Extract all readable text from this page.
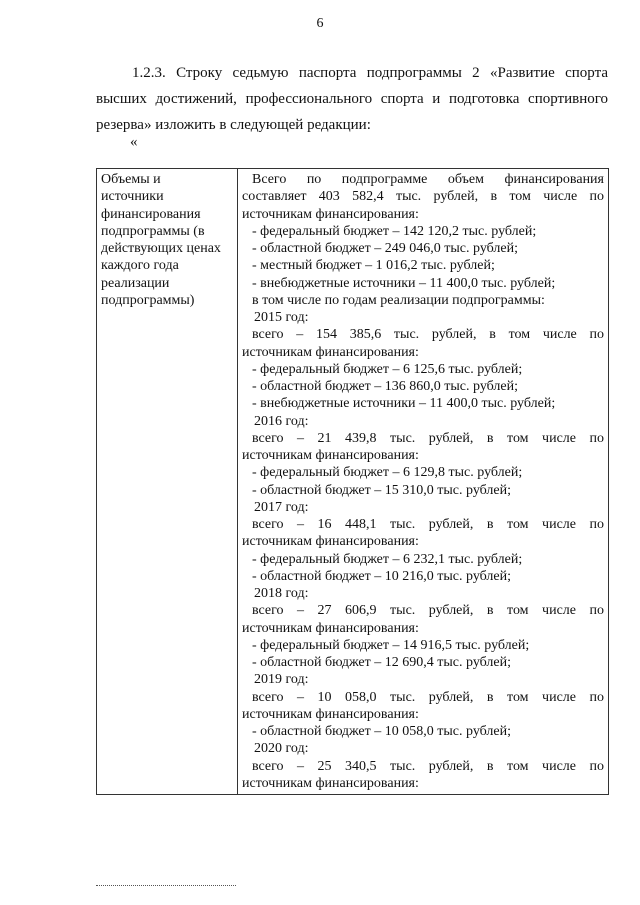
6

1.2.3. Строку седьмую паспорта подпрограммы 2 «Развитие спорта высших достижений, профессионального спорта и подготовка спортивного резерва» изложить в следующей редакции:

«
Объемы и
источники
финансирования
подпрограммы (в
действующих ценах
каждого года
реализации
подпрограммы)

Всего по подпрограмме объем финансирования
составляет 403 582,4 тыс. рублей, в том числе по
источникам финансирования:
- федеральный бюджет – 142 120,2 тыс. рублей;
- областной бюджет – 249 046,0 тыс. рублей;
- местный бюджет – 1 016,2 тыс. рублей;
- внебюджетные источники – 11 400,0 тыс. рублей;
в том числе по годам реализации подпрограммы:
2015 год:
всего – 154 385,6 тыс. рублей, в том числе по
источникам финансирования:
- федеральный бюджет – 6 125,6 тыс. рублей;
- областной бюджет – 136 860,0 тыс. рублей;
- внебюджетные источники – 11 400,0 тыс. рублей;
2016 год:
всего – 21 439,8 тыс. рублей, в том числе по
источникам финансирования:
- федеральный бюджет – 6 129,8 тыс. рублей;
- областной бюджет – 15 310,0 тыс. рублей;
2017 год:
всего – 16 448,1 тыс. рублей, в том числе по
источникам финансирования:
- федеральный бюджет – 6 232,1 тыс. рублей;
- областной бюджет – 10 216,0 тыс. рублей;
2018 год:
всего – 27 606,9 тыс. рублей, в том числе по
источникам финансирования:
- федеральный бюджет – 14 916,5 тыс. рублей;
- областной бюджет – 12 690,4 тыс. рублей;
2019 год:
всего – 10 058,0 тыс. рублей, в том числе по
источникам финансирования:
- областной бюджет – 10 058,0 тыс. рублей;
2020 год:
всего – 25 340,5 тыс. рублей, в том числе по
источникам финансирования:
